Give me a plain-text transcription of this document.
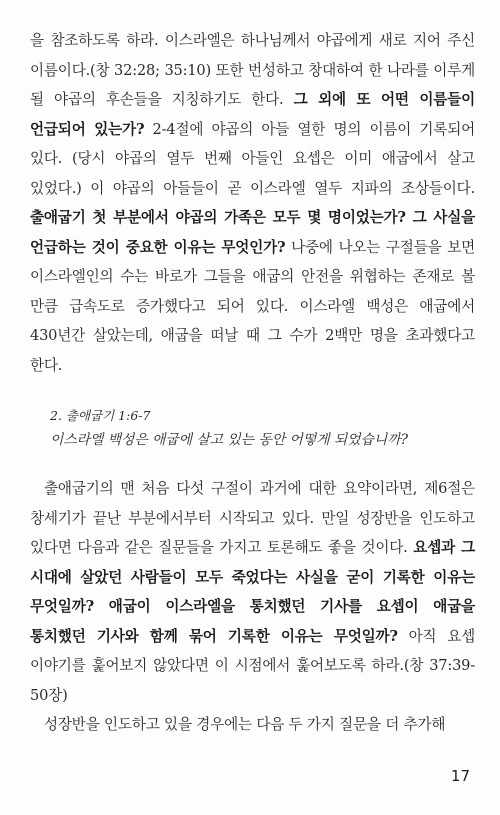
을 참조하도록 하라. 이스라엘은 하나님께서 야곱에게 새로 지어 주신 이름이다.(창 32:28; 35:10) 또한 번성하고 창대하여 한 나라를 이루게 될 야곱의 후손들을 지칭하기도 한다. 그 외에 또 어떤 이름들이 언급되어 있는가? 2-4절에 야곱의 아들 열한 명의 이름이 기록되어 있다. (당시 야곱의 열두 번째 아들인 요셉은 이미 애굽에서 살고 있었다.) 이 야곱의 아들들이 곧 이스라엘 열두 지파의 조상들이다. 출애굽기 첫 부분에서 야곱의 가족은 모두 몇 명이었는가? 그 사실을 언급하는 것이 중요한 이유는 무엇인가? 나중에 나오는 구절들을 보면 이스라엘인의 수는 바로가 그들을 애굽의 안전을 위협하는 존재로 볼 만큼 급속도로 증가했다고 되어 있다. 이스라엘 백성은 애굽에서 430년간 살았는데, 애굽을 떠날 때 그 수가 2백만 명을 초과했다고 한다.

2. 출애굽기 1:6-7

이스라엘 백성은 애굽에 살고 있는 동안 어떻게 되었습니까?

출애굽기의 맨 처음 다섯 구절이 과거에 대한 요약이라면, 제6절은 창세기가 끝난 부분에서부터 시작되고 있다. 만일 성장반을 인도하고 있다면 다음과 같은 질문들을 가지고 토론해도 좋을 것이다. 요셉과 그 시대에 살았던 사람들이 모두 죽었다는 사실을 굳이 기록한 이유는 무엇일까? 애굽이 이스라엘을 통치했던 기사를 요셉이 애굽을 통치했던 기사와 함께 묶어 기록한 이유는 무엇일까? 아직 요셉 이야기를 훑어보지 않았다면 이 시점에서 훑어보도록 하라.(창 37:39-50장)

성장반을 인도하고 있을 경우에는 다음 두 가지 질문을 더 추가해

17
